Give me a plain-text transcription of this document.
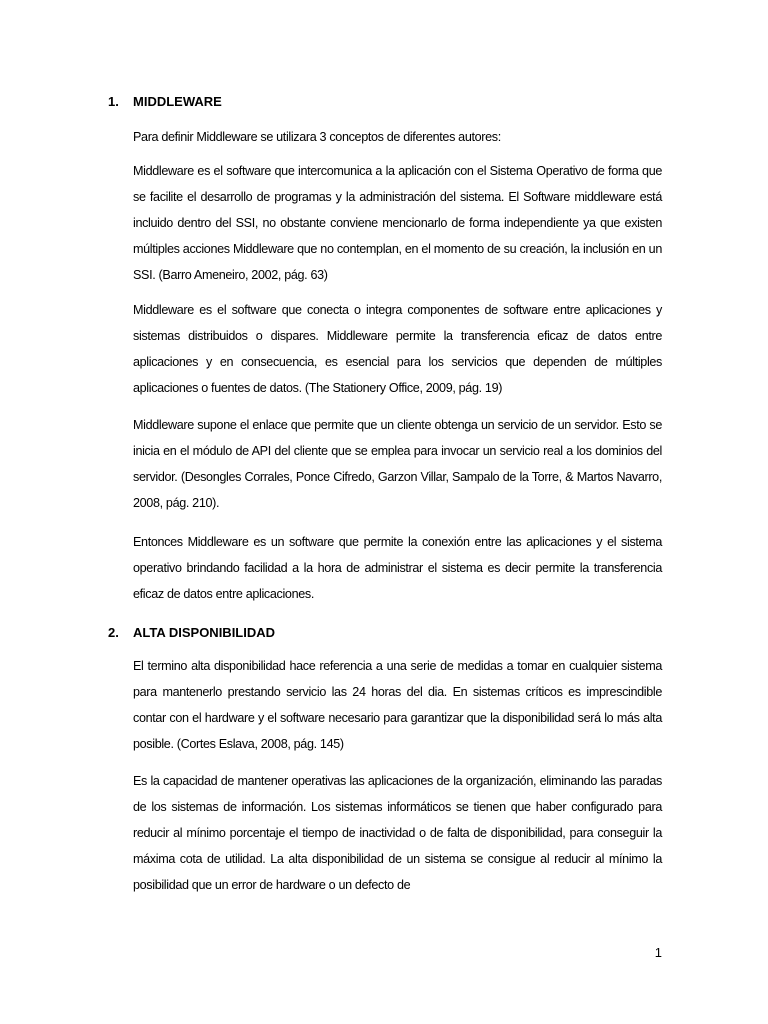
1. MIDDLEWARE
Para definir Middleware se utilizara 3 conceptos de diferentes autores:

Middleware es el software que intercomunica a la aplicación con el Sistema Operativo de forma que se facilite el desarrollo de programas y la administración del sistema. El Software middleware está incluido dentro del SSI, no obstante conviene mencionarlo de forma independiente ya que existen múltiples acciones Middleware que no contemplan, en el momento de su creación, la inclusión en un SSI. (Barro Ameneiro, 2002, pág. 63)

Middleware es el software que conecta o integra componentes de software entre aplicaciones y sistemas distribuidos o dispares. Middleware permite la transferencia eficaz de datos entre aplicaciones y en consecuencia, es esencial para los servicios que dependen de múltiples aplicaciones o fuentes de datos. (The Stationery Office, 2009, pág. 19)

Middleware supone el enlace que permite que un cliente obtenga un servicio de un servidor. Esto se inicia en el módulo de API del cliente que se emplea para invocar un servicio real a los dominios del servidor. (Desongles Corrales, Ponce Cifredo, Garzon Villar, Sampalo de la Torre, & Martos Navarro, 2008, pág. 210).

Entonces Middleware es un software que permite la conexión entre las aplicaciones y el sistema operativo brindando facilidad a la hora de administrar el sistema es decir permite la transferencia eficaz de datos entre aplicaciones.

2. ALTA DISPONIBILIDAD

El termino alta disponibilidad hace referencia a una serie de medidas a tomar en cualquier sistema para mantenerlo prestando servicio las 24 horas del dia. En sistemas críticos es imprescindible contar con el hardware y el software necesario para garantizar que la disponibilidad será lo más alta posible. (Cortes Eslava, 2008, pág. 145)

Es la capacidad de mantener operativas las aplicaciones de la organización, eliminando las paradas de los sistemas de información. Los sistemas informáticos se tienen que haber configurado para reducir al mínimo porcentaje el tiempo de inactividad o de falta de disponibilidad, para conseguir la máxima cota de utilidad. La alta disponibilidad de un sistema se consigue al reducir al mínimo la posibilidad que un error de hardware o un defecto de

1
